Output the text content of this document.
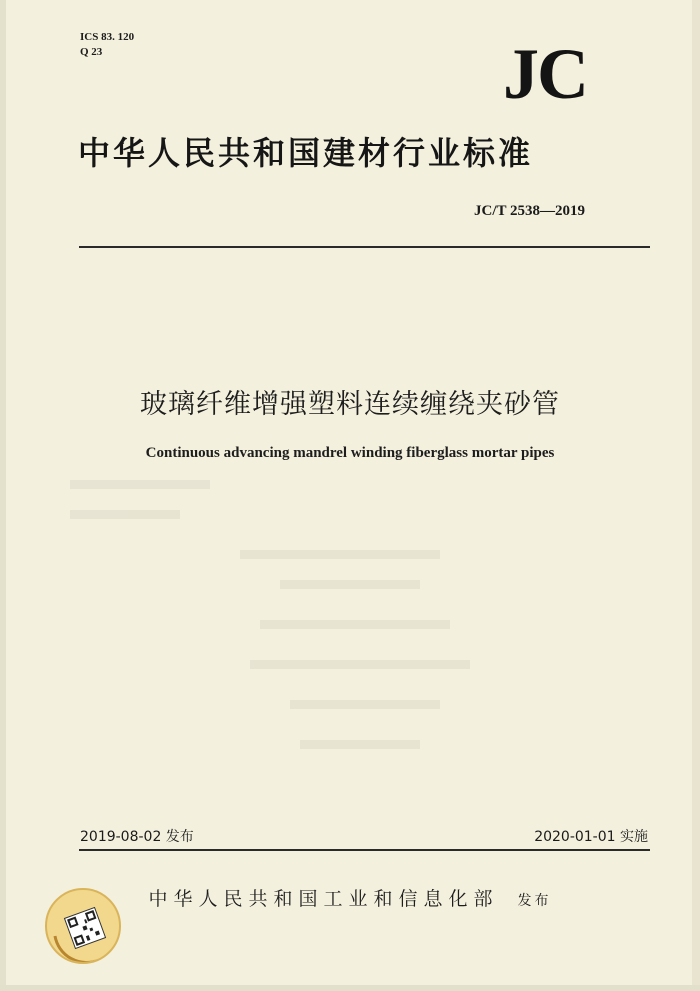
ICS 83. 120
Q 23	JC
中华人民共和国建材行业标准
JC/T 2538—2019
玻璃纤维增强塑料连续缠绕夹砂管
Continuous advancing mandrel winding fiberglass mortar pipes
2019-08-02 发布	2020-01-01 实施
中华人民共和国工业和信息化部 发布
